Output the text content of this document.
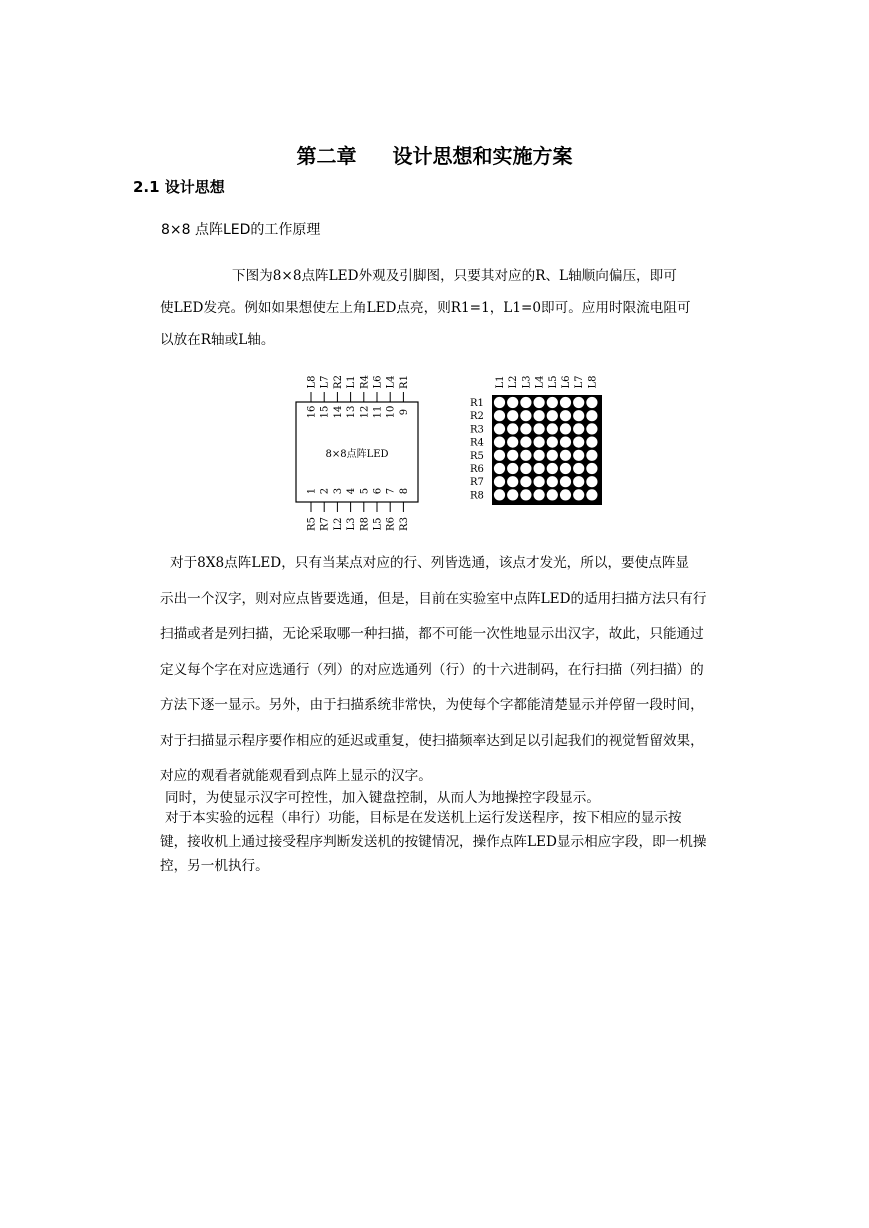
第二章 设计思想和实施方案
2.1 设计思想
8×8 点阵LED的工作原理

下图为8×8点阵LED外观及引脚图，只要其对应的R、L轴顺向偏压，即可
使LED发亮。例如如果想使左上角LED点亮，则R1=1，L1=0即可。应用时限流电阻可
以放在R轴或L轴。

8×8点阵LED
L8
16
L7
15
R2
14
L1
13
R4
12
L6
11
L4
10
R1
9
1
R5
2
R7
3
L2
4
L3
5
R8
6
L5
7
R6
8
R3
L1 L2 L3 L4 L5 L6 L7 L8
R1
R2
R3
R4
R5
R6
R7
R8

对于8X8点阵LED，只有当某点对应的行、列皆选通，该点才发光，所以，要使点阵显
示出一个汉字，则对应点皆要选通，但是，目前在实验室中点阵LED的适用扫描方法只有行
扫描或者是列扫描，无论采取哪一种扫描，都不可能一次性地显示出汉字，故此，只能通过
定义每个字在对应选通行（列）的对应选通列（行）的十六进制码，在行扫描（列扫描）的
方法下逐一显示。另外，由于扫描系统非常快，为使每个字都能清楚显示并停留一段时间，
对于扫描显示程序要作相应的延迟或重复，使扫描频率达到足以引起我们的视觉暂留效果，
对应的观看者就能观看到点阵上显示的汉字。

同时，为使显示汉字可控性，加入键盘控制，从而人为地操控字段显示。

对于本实验的远程（串行）功能，目标是在发送机上运行发送程序，按下相应的显示按
键，接收机上通过接受程序判断发送机的按键情况，操作点阵LED显示相应字段，即一机操
控，另一机执行。
